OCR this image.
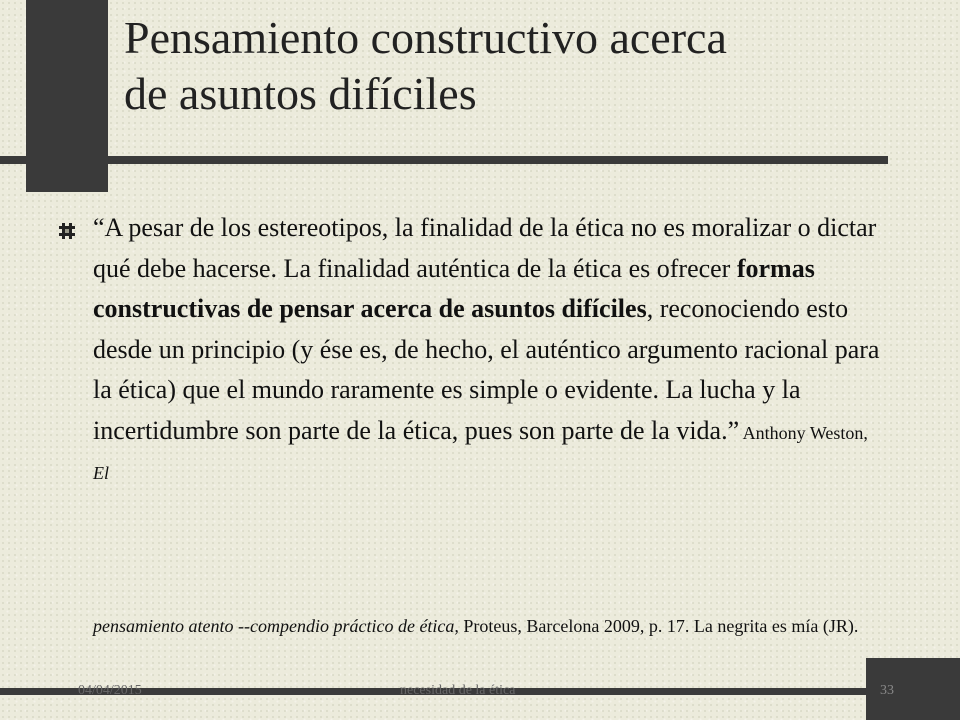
Pensamiento constructivo acerca
de asuntos difíciles

“A pesar de los estereotipos, la finalidad de la ética no es moralizar o dictar qué debe hacerse. La finalidad auténtica de la ética es ofrecer formas constructivas de pensar acerca de asuntos difíciles, reconociendo esto desde un principio (y ése es, de hecho, el auténtico argumento racional para la ética) que el mundo raramente es simple o evidente. La lucha y la incertidumbre son parte de la ética, pues son parte de la vida.” Anthony Weston, El

pensamiento atento --compendio práctico de ética, Proteus, Barcelona 2009, p. 17. La negrita es mía (JR).

04/04/2015	necesidad de la ética	33
